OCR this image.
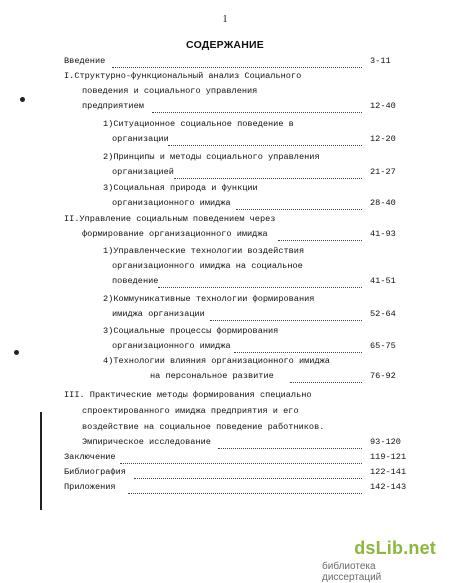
1
СОДЕРЖАНИЕ
Введение	3-11
I.Структурно-функциональный анализ Социального
поведения и социального управления
предприятием	12-40
1)Ситуационное социальное поведение в
организации	12-20
2)Принципы и методы социального управления
организацией	21-27
3)Социальная природа и функции
организационного имиджа	28-40
II.Управление социальным поведением через
формирование организационного имиджа	41-93
1)Управленческие технологии воздействия
организационного имиджа на социальное
поведение	41-51
2)Коммуникативные технологии формирования
имиджа организации	52-64
3)Социальные процессы формирования
организационного имиджа	65-75
4)Технологии влияния организационного имиджа
на персональное развитие	76-92
III. Практические методы формирования специально
спроектированного имиджа предприятия и его
воздействие на социальное поведение работников.
Эмпирическое исследование	93-120
Заключение	119-121
Библиография	122-141
Приложения	142-143
dsLib.net
библиотека диссертаций
